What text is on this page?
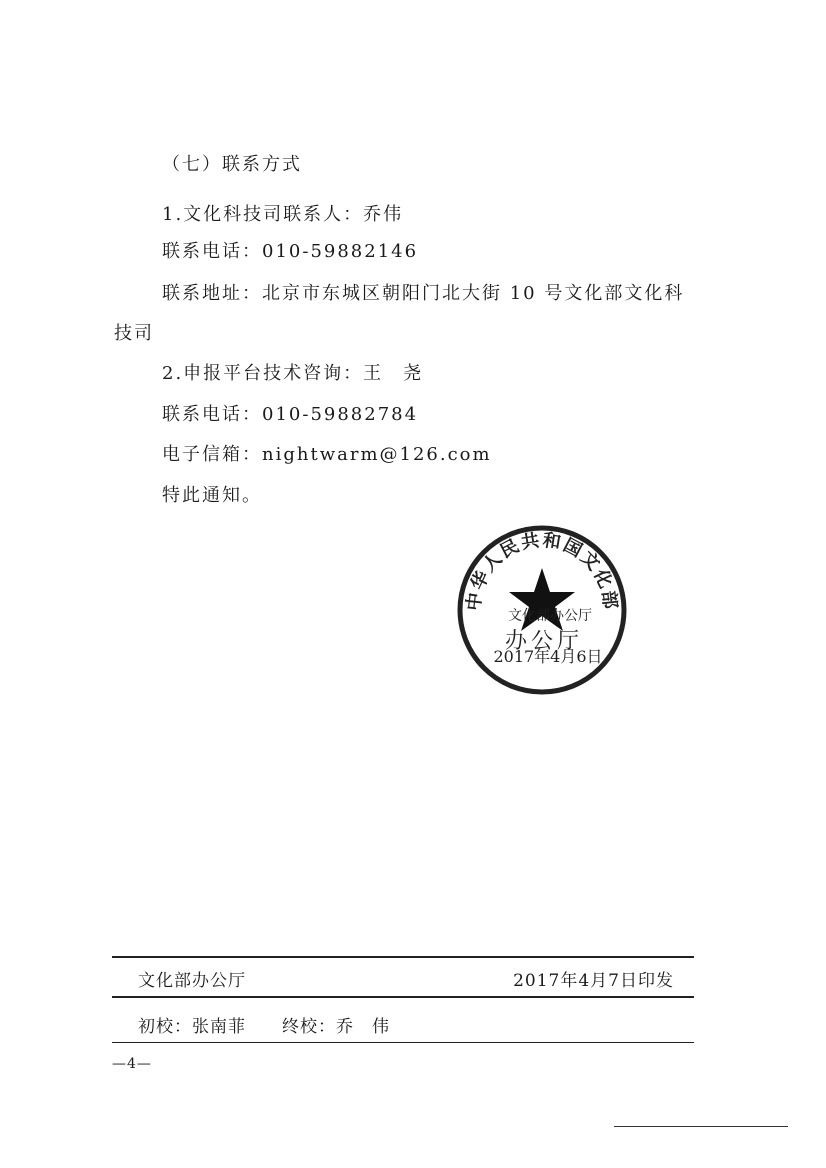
（七）联系方式
1.文化科技司联系人：乔伟
联系电话：010-59882146
联系地址：北京市东城区朝阳门北大街 10 号文化部文化科
技司
2.申报平台技术咨询：王　尧
联系电话：010-59882784
电子信箱：nightwarm@126.com
特此通知。
中华人民共和国文化部
文化部办公厅
办公厅
2017年4月6日
文化部办公厅	2017年4月7日印发
初校：张南菲　　终校：乔　伟
—4—
